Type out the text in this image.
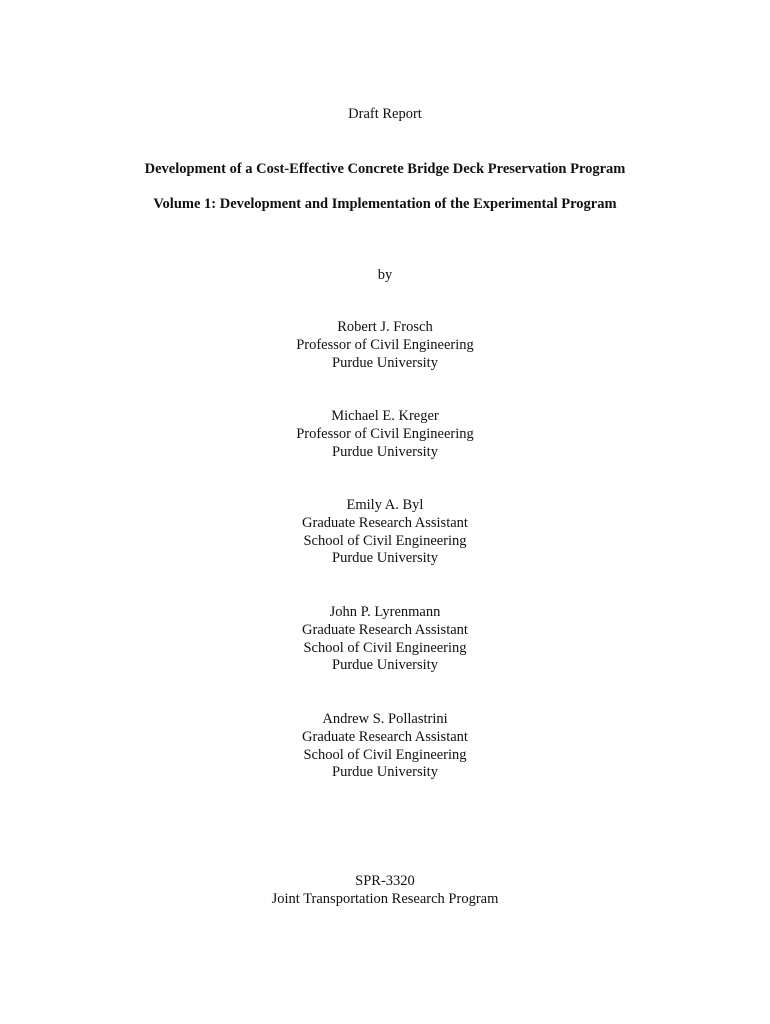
Draft Report
Development of a Cost-Effective Concrete Bridge Deck Preservation Program
Volume 1: Development and Implementation of the Experimental Program
by
Robert J. Frosch
Professor of Civil Engineering
Purdue University
Michael E. Kreger
Professor of Civil Engineering
Purdue University
Emily A. Byl
Graduate Research Assistant
School of Civil Engineering
Purdue University
John P. Lyrenmann
Graduate Research Assistant
School of Civil Engineering
Purdue University
Andrew S. Pollastrini
Graduate Research Assistant
School of Civil Engineering
Purdue University
SPR-3320
Joint Transportation Research Program
